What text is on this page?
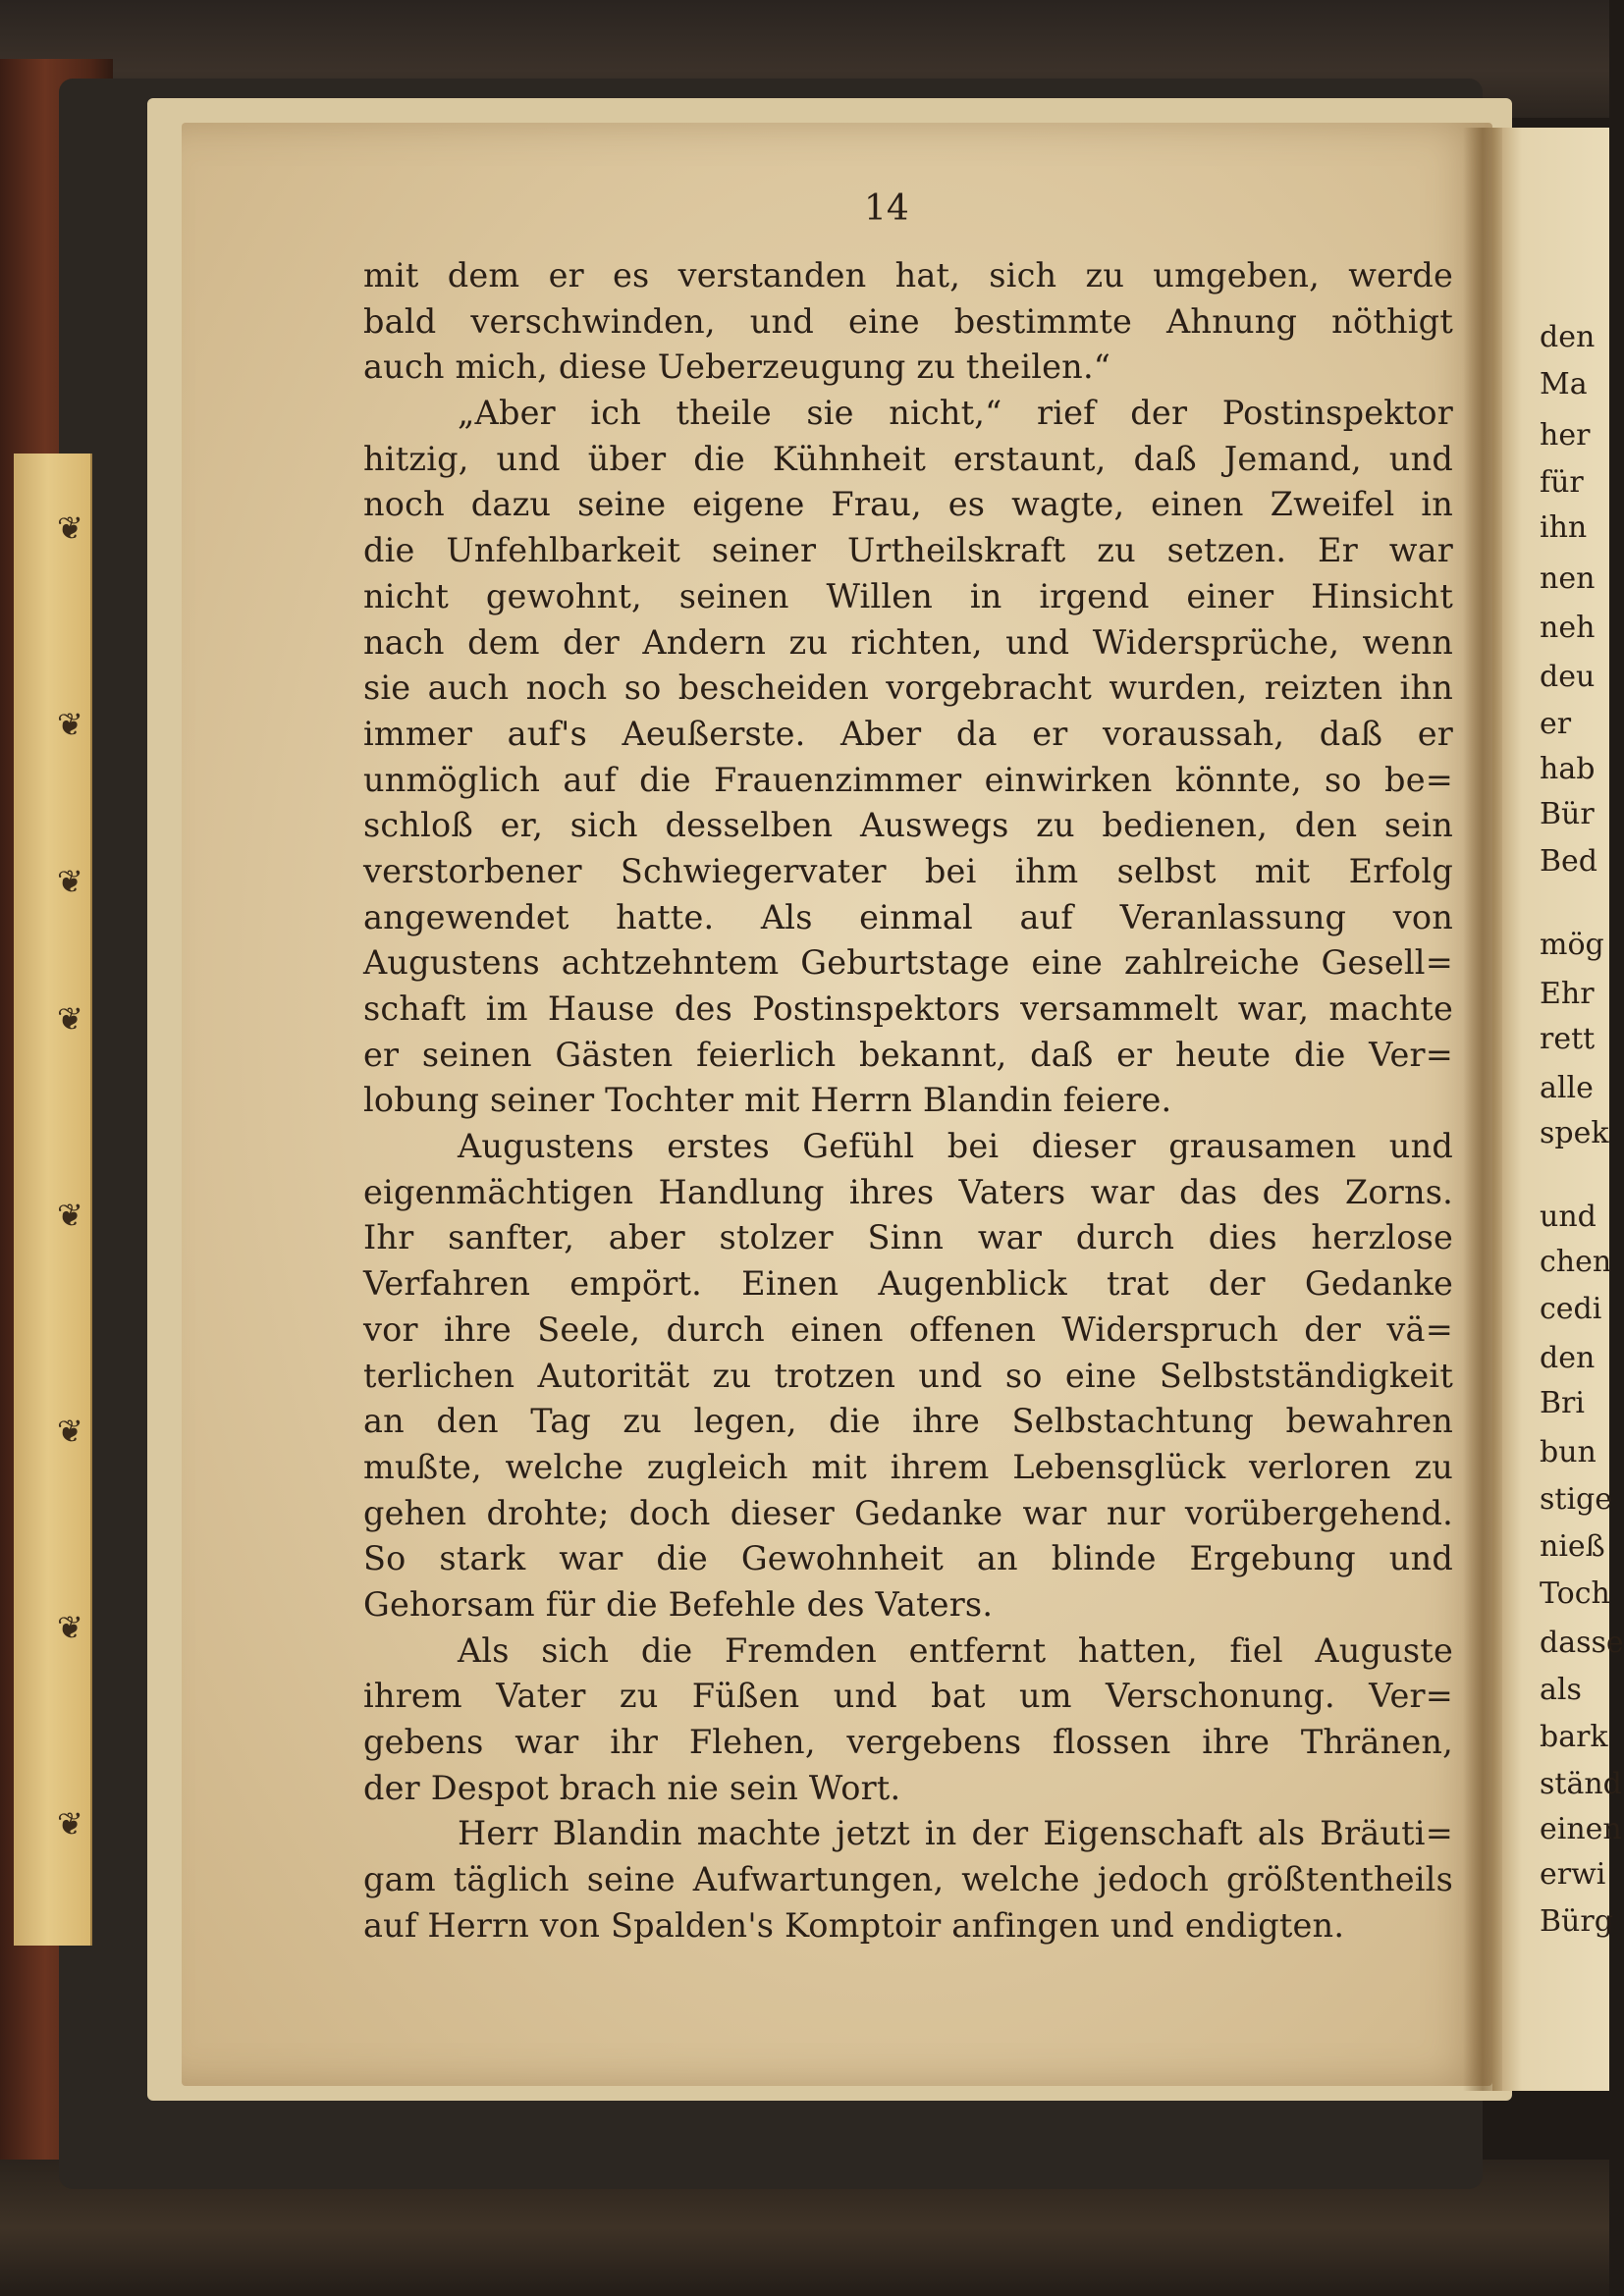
❦
❦
❦
❦
❦
❦
❦
❦
14
mit dem er es verstanden hat, sich zu umgeben, werde
bald verschwinden, und eine bestimmte Ahnung nöthigt
auch mich, diese Ueberzeugung zu theilen.“
„Aber ich theile sie nicht,“ rief der Postinspektor
hitzig, und über die Kühnheit erstaunt, daß Jemand, und
noch dazu seine eigene Frau, es wagte, einen Zweifel in
die Unfehlbarkeit seiner Urtheilskraft zu setzen. Er war
nicht gewohnt, seinen Willen in irgend einer Hinsicht
nach dem der Andern zu richten, und Widersprüche, wenn
sie auch noch so bescheiden vorgebracht wurden, reizten ihn
immer auf's Aeußerste. Aber da er voraussah, daß er
unmöglich auf die Frauenzimmer einwirken könnte, so be=
schloß er, sich desselben Auswegs zu bedienen, den sein
verstorbener Schwiegervater bei ihm selbst mit Erfolg
angewendet hatte. Als einmal auf Veranlassung von
Augustens achtzehntem Geburtstage eine zahlreiche Gesell=
schaft im Hause des Postinspektors versammelt war, machte
er seinen Gästen feierlich bekannt, daß er heute die Ver=
lobung seiner Tochter mit Herrn Blandin feiere.
Augustens erstes Gefühl bei dieser grausamen und
eigenmächtigen Handlung ihres Vaters war das des Zorns.
Ihr sanfter, aber stolzer Sinn war durch dies herzlose
Verfahren empört. Einen Augenblick trat der Gedanke
vor ihre Seele, durch einen offenen Widerspruch der vä=
terlichen Autorität zu trotzen und so eine Selbstständigkeit
an den Tag zu legen, die ihre Selbstachtung bewahren
mußte, welche zugleich mit ihrem Lebensglück verloren zu
gehen drohte; doch dieser Gedanke war nur vorübergehend.
So stark war die Gewohnheit an blinde Ergebung und
Gehorsam für die Befehle des Vaters.
Als sich die Fremden entfernt hatten, fiel Auguste
ihrem Vater zu Füßen und bat um Verschonung. Ver=
gebens war ihr Flehen, vergebens flossen ihre Thränen,
der Despot brach nie sein Wort.
Herr Blandin machte jetzt in der Eigenschaft als Bräuti=
gam täglich seine Aufwartungen, welche jedoch größtentheils
auf Herrn von Spalden's Komptoir anfingen und endigten.
den
Ma
her
für
ihn
nen
neh
deu
er
hab
Bür
Bed
mög
Ehr
rett
alle
spek
und
chen
cedi
den
Bri
bun
stige
nieß
Toch
dasse
als
bark
ständ
einen
erwi
Bürg
